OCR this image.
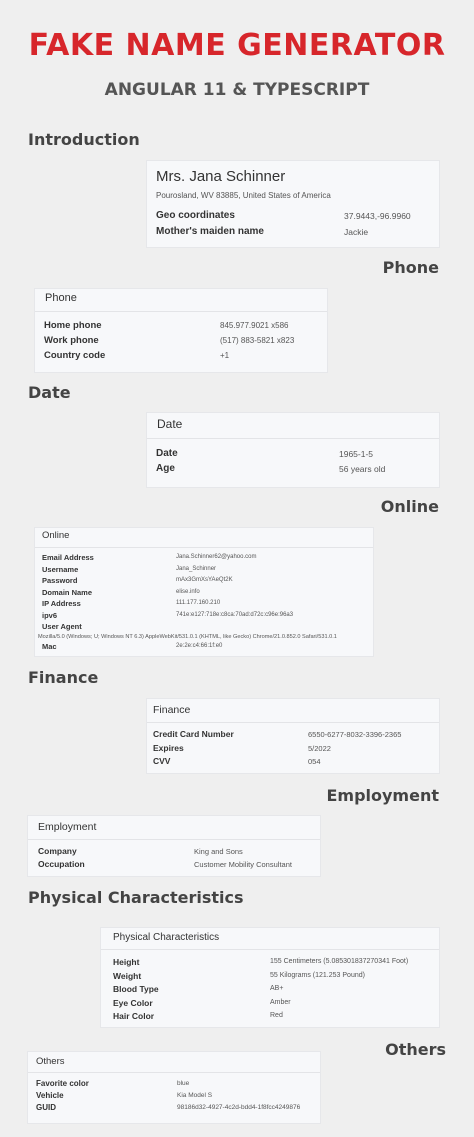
FAKE NAME GENERATOR
ANGULAR 11 & TYPESCRIPT
Introduction
Mrs. Jana Schinner
Pourosland, WV 83885, United States of America
Geo coordinates	37.9443,-96.9960
Mother's maiden name	Jackie
Phone
Phone
Home phone	845.977.9021 x586
Work phone	(517) 883-5821 x823
Country code	+1
Date
Date
Date	1965-1-5
Age	56 years old
Online
Online
Email Address	Jana.Schinner62@yahoo.com
Username	Jana_Schinner
Password	mAx3GmXsYAeQt2K
Domain Name	elise.info
IP Address	111.177.160.210
ipv6	741e:e127:718e:c8ca:70ad:d72c:c96e:96a3
User Agent
Mozilla/5.0 (Windows; U; Windows NT 6.3) AppleWebKit/531.0.1 (KHTML, like Gecko) Chrome/21.0.852.0 Safari/531.0.1
Mac	2e:2e:c4:66:1f:e0
Finance
Finance
Credit Card Number	6550-6277-8032-3396-2365
Expires	5/2022
CVV	054
Employment
Employment
Company	King and Sons
Occupation	Customer Mobility Consultant
Physical Characteristics
Physical Characteristics
Height	155 Centimeters (5.085301837270341 Foot)
Weight	55 Kilograms (121.253 Pound)
Blood Type	AB+
Eye Color	Amber
Hair Color	Red
Others
Others
Favorite color	blue
Vehicle	Kia Model S
GUID	98186d32-4927-4c2d-bdd4-1f8fcc4249876
